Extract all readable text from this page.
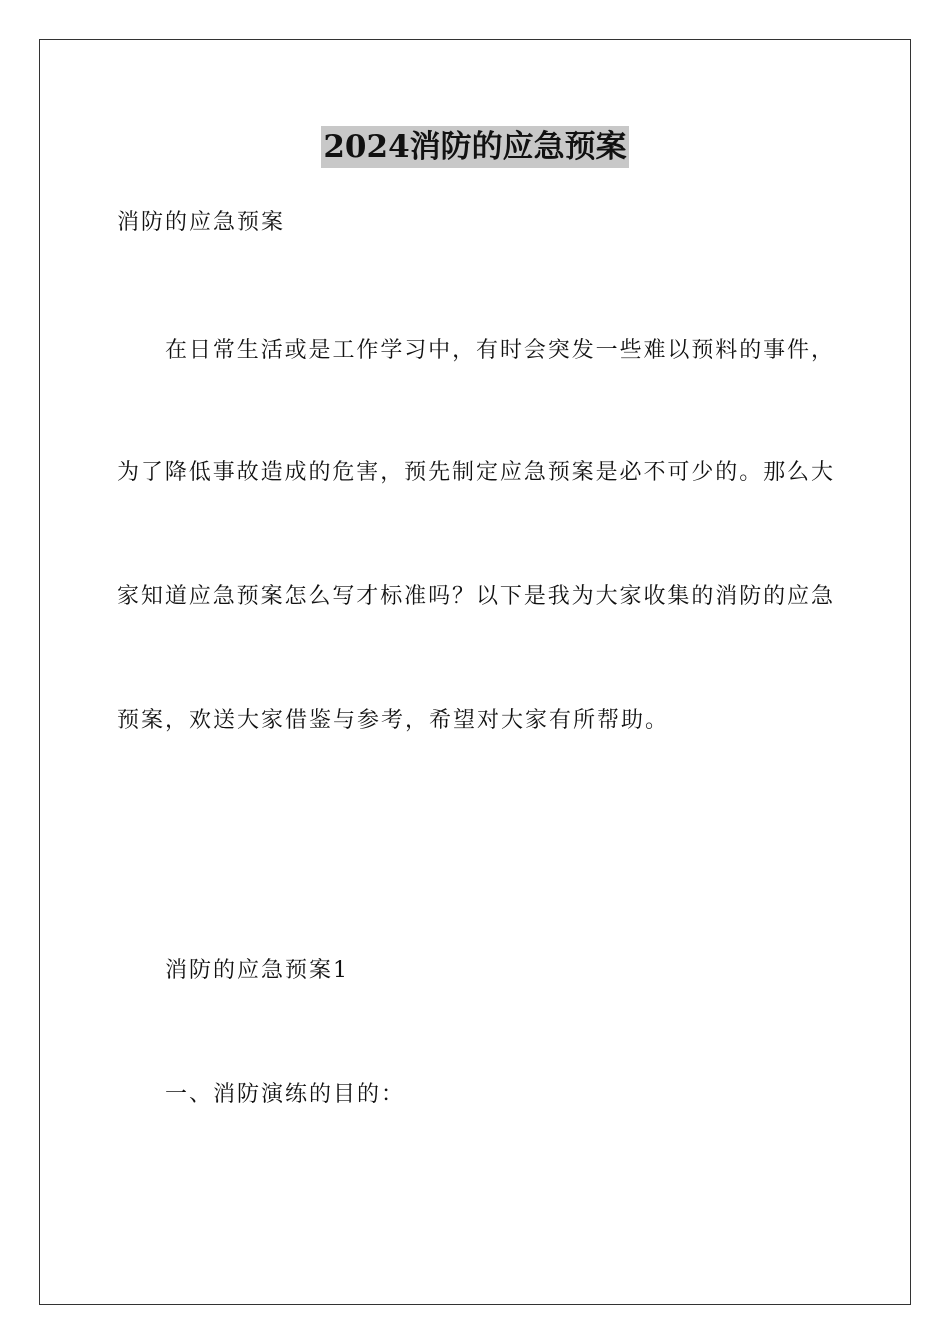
2024消防的应急预案
消防的应急预案
在日常生活或是工作学习中，有时会突发一些难以预料的事件，
为了降低事故造成的危害，预先制定应急预案是必不可少的。那么大
家知道应急预案怎么写才标准吗？以下是我为大家收集的消防的应急
预案，欢送大家借鉴与参考，希望对大家有所帮助。
消防的应急预案1
一、消防演练的目的：
